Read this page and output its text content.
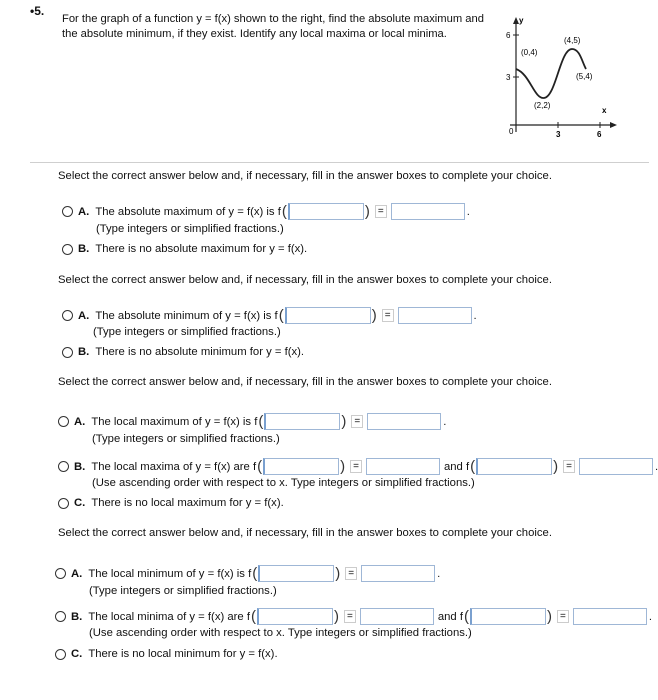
•5.
For the graph of a function y = f(x) shown to the right, find the absolute maximum and the absolute minimum, if they exist. Identify any local maxima or local minima.
y
x
6
3
0	3	6
(0,4)
(2,2)
(4,5)
(5,4)
Select the correct answer below and, if necessary, fill in the answer boxes to complete your choice.
A. The absolute maximum of y = f(x) is f (	) =	.
(Type integers or simplified fractions.)
B. There is no absolute maximum for y = f(x).
Select the correct answer below and, if necessary, fill in the answer boxes to complete your choice.
A. The absolute minimum of y = f(x) is f (	) =	.
(Type integers or simplified fractions.)
B. There is no absolute minimum for y = f(x).
Select the correct answer below and, if necessary, fill in the answer boxes to complete your choice.
A. The local maximum of y = f(x) is f (	) =	.
(Type integers or simplified fractions.)
B. The local maxima of y = f(x) are f (	) =	and f (	) =	.
(Use ascending order with respect to x. Type integers or simplified fractions.)
C. There is no local maximum for y = f(x).
Select the correct answer below and, if necessary, fill in the answer boxes to complete your choice.
A. The local minimum of y = f(x) is f (	) =	.
(Type integers or simplified fractions.)
B. The local minima of y = f(x) are f (	) =	and f (	) =	.
(Use ascending order with respect to x. Type integers or simplified fractions.)
C. There is no local minimum for y = f(x).
